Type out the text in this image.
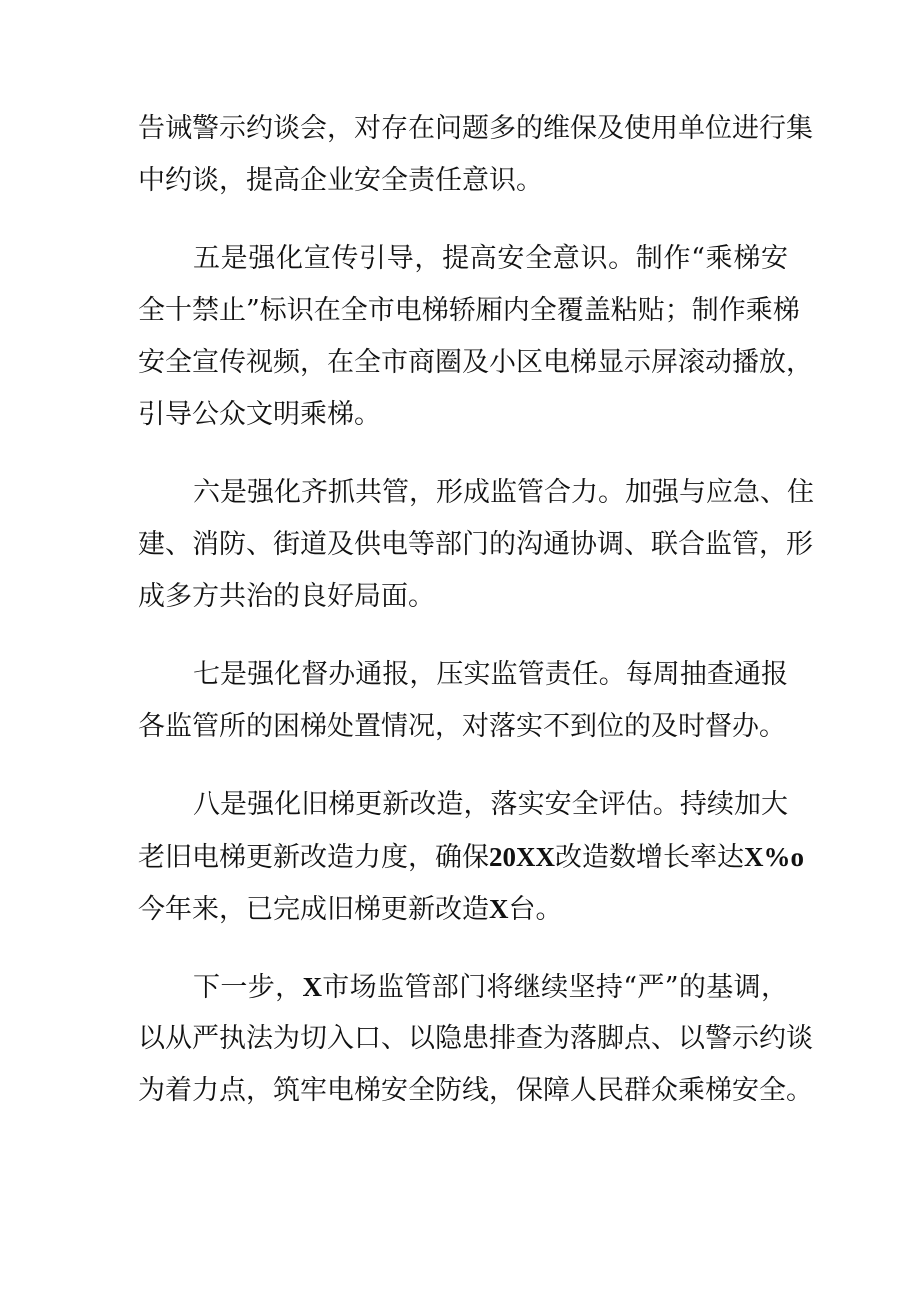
告诫警示约谈会，对存在问题多的维保及使用单位进行集
中约谈，提高企业安全责任意识。
五是强化宣传引导，提高安全意识。制作“乘梯安
全十禁止”标识在全市电梯轿厢内全覆盖粘贴；制作乘梯
安全宣传视频，在全市商圈及小区电梯显示屏滚动播放，
引导公众文明乘梯。
六是强化齐抓共管，形成监管合力。加强与应急、住
建、消防、街道及供电等部门的沟通协调、联合监管，形
成多方共治的良好局面。
七是强化督办通报，压实监管责任。每周抽查通报
各监管所的困梯处置情况，对落实不到位的及时督办。
八是强化旧梯更新改造，落实安全评估。持续加大
老旧电梯更新改造力度，确保20XX改造数增长率达X%o
今年来，已完成旧梯更新改造X台。
下一步，X市场监管部门将继续坚持“严”的基调，
以从严执法为切入口、以隐患排查为落脚点、以警示约谈
为着力点，筑牢电梯安全防线，保障人民群众乘梯安全。
